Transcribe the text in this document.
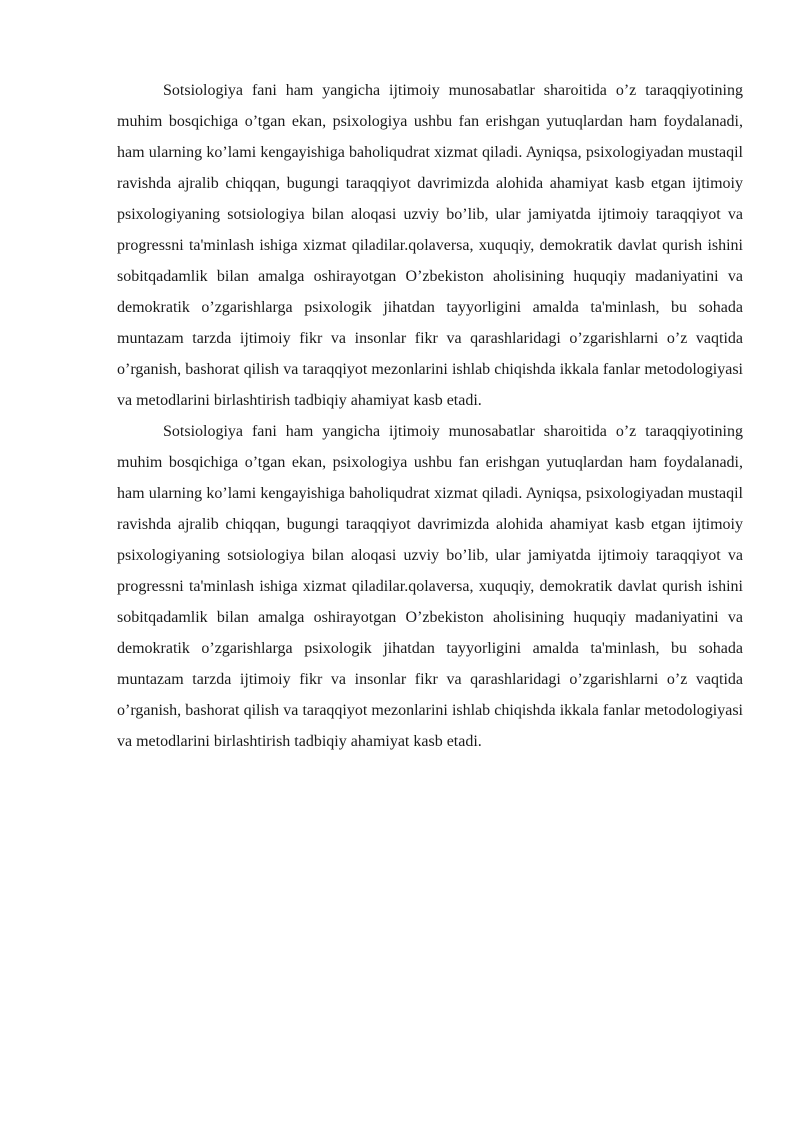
Sotsiologiya fani ham yangicha ijtimoiy munosabatlar sharoitida o’z taraqqiyotining muhim bosqichiga o’tgan ekan, psixologiya ushbu fan erishgan yutuqlardan ham foydalanadi, ham ularning ko’lami kengayishiga baholiqudrat xizmat qiladi. Ayniqsa, psixologiyadan mustaqil ravishda ajralib chiqqan, bugungi taraqqiyot davrimizda alohida ahamiyat kasb etgan ijtimoiy psixologiyaning sotsiologiya bilan aloqasi uzviy bo’lib, ular jamiyatda ijtimoiy taraqqiyot va progressni ta'minlash ishiga xizmat qiladilar.qolaversa, xuquqiy, demokratik davlat qurish ishini sobitqadamlik bilan amalga oshirayotgan O’zbekiston aholisining huquqiy madaniyatini va demokratik o’zgarishlarga psixologik jihatdan tayyorligini amalda ta'minlash, bu sohada muntazam tarzda ijtimoiy fikr va insonlar fikr va qarashlaridagi o’zgarishlarni o’z vaqtida o’rganish, bashorat qilish va taraqqiyot mezonlarini ishlab chiqishda ikkala fanlar metodologiyasi va metodlarini birlashtirish tadbiqiy ahamiyat kasb etadi.

Sotsiologiya fani ham yangicha ijtimoiy munosabatlar sharoitida o’z taraqqiyotining muhim bosqichiga o’tgan ekan, psixologiya ushbu fan erishgan yutuqlardan ham foydalanadi, ham ularning ko’lami kengayishiga baholiqudrat xizmat qiladi. Ayniqsa, psixologiyadan mustaqil ravishda ajralib chiqqan, bugungi taraqqiyot davrimizda alohida ahamiyat kasb etgan ijtimoiy psixologiyaning sotsiologiya bilan aloqasi uzviy bo’lib, ular jamiyatda ijtimoiy taraqqiyot va progressni ta'minlash ishiga xizmat qiladilar.qolaversa, xuquqiy, demokratik davlat qurish ishini sobitqadamlik bilan amalga oshirayotgan O’zbekiston aholisining huquqiy madaniyatini va demokratik o’zgarishlarga psixologik jihatdan tayyorligini amalda ta'minlash, bu sohada muntazam tarzda ijtimoiy fikr va insonlar fikr va qarashlaridagi o’zgarishlarni o’z vaqtida o’rganish, bashorat qilish va taraqqiyot mezonlarini ishlab chiqishda ikkala fanlar metodologiyasi va metodlarini birlashtirish tadbiqiy ahamiyat kasb etadi.
